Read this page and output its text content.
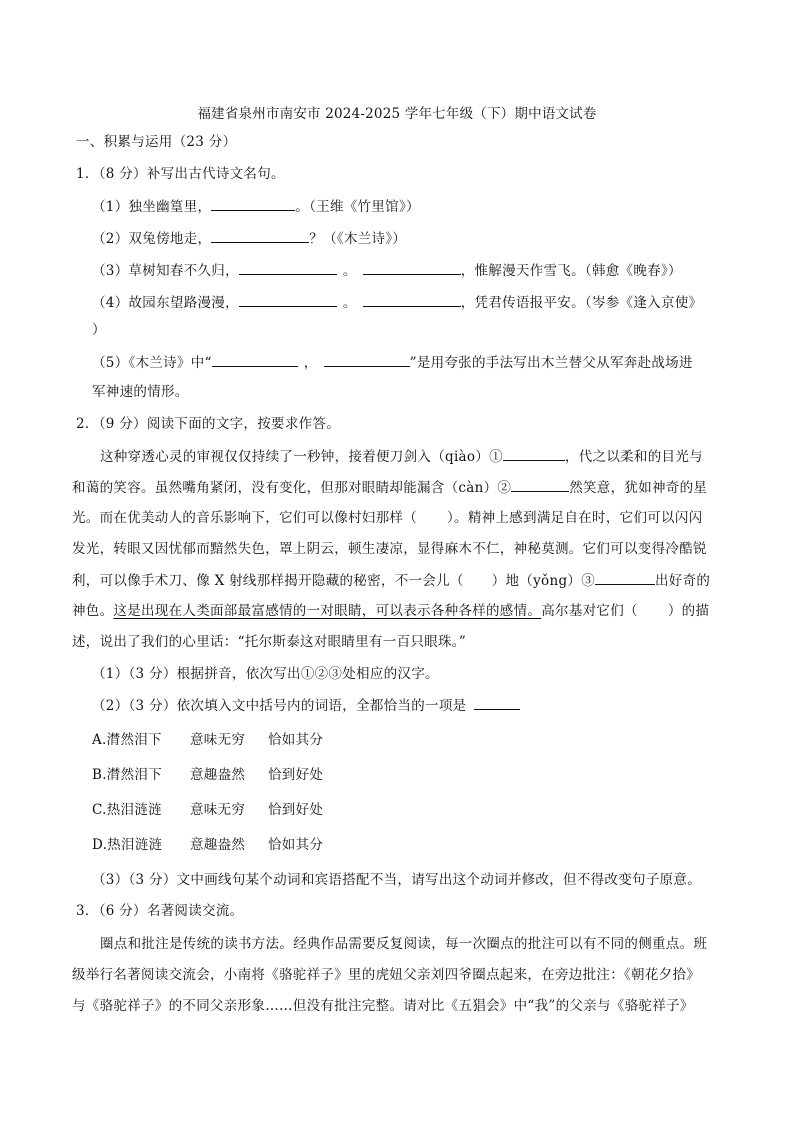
福建省泉州市南安市 2024-2025 学年七年级（下）期中语文试卷
一、积累与运用（23 分）
1．（8 分）补写出古代诗文名句。
（1）独坐幽篁里，	。（王维《竹里馆》）
（2）双兔傍地走，	？（《木兰诗》）
（3）草树知春不久归，	。	，惟解漫天作雪飞。（韩愈《晚春》）
（4）故园东望路漫漫，	。	，凭君传语报平安。（岑参《逢入京使》
）
（5）《木兰诗》中“	，	”是用夸张的手法写出木兰替父从军奔赴战场进
军神速的情形。
2．（9 分）阅读下面的文字，按要求作答。
这种穿透心灵的审视仅仅持续了一秒钟，接着便刀剑入（qiào）①	，代之以柔和的目光与
和蔼的笑容。虽然嘴角紧闭，没有变化，但那对眼睛却能漏含（càn）②	然笑意，犹如神奇的星
光。而在优美动人的音乐影响下，它们可以像村妇那样（ ）。精神上感到满足自在时，它们可以闪闪
发光，转眼又因忧郁而黯然失色，罩上阴云，顿生凄凉，显得麻木不仁，神秘莫测。它们可以变得冷酷锐
利，可以像手术刀、像 X 射线那样揭开隐藏的秘密，不一会儿（ ）地（yǒng）③	出好奇的
神色。这是出现在人类面部最富感情的一对眼睛，可以表示各种各样的感情。高尔基对它们（ ）的描
述，说出了我们的心里话：“托尔斯泰这对眼睛里有一百只眼珠。”
（1）（3 分）根据拼音，依次写出①②③处相应的汉字。
（2）（3 分）依次填入文中括号内的词语，全都恰当的一项是
A.潸然泪下 意味无穷 恰如其分
B.潸然泪下 意趣盎然 恰到好处
C.热泪涟涟 意味无穷 恰到好处
D.热泪涟涟 意趣盎然 恰如其分
（3）（3 分）文中画线句某个动词和宾语搭配不当，请写出这个动词并修改，但不得改变句子原意。
3．（6 分）名著阅读交流。
圈点和批注是传统的读书方法。经典作品需要反复阅读，每一次圈点的批注可以有不同的侧重点。班
级举行名著阅读交流会，小南将《骆驼祥子》里的虎妞父亲刘四爷圈点起来，在旁边批注：《朝花夕拾》
与《骆驼祥子》的不同父亲形象……但没有批注完整。请对比《五猖会》中“我”的父亲与《骆驼祥子》
